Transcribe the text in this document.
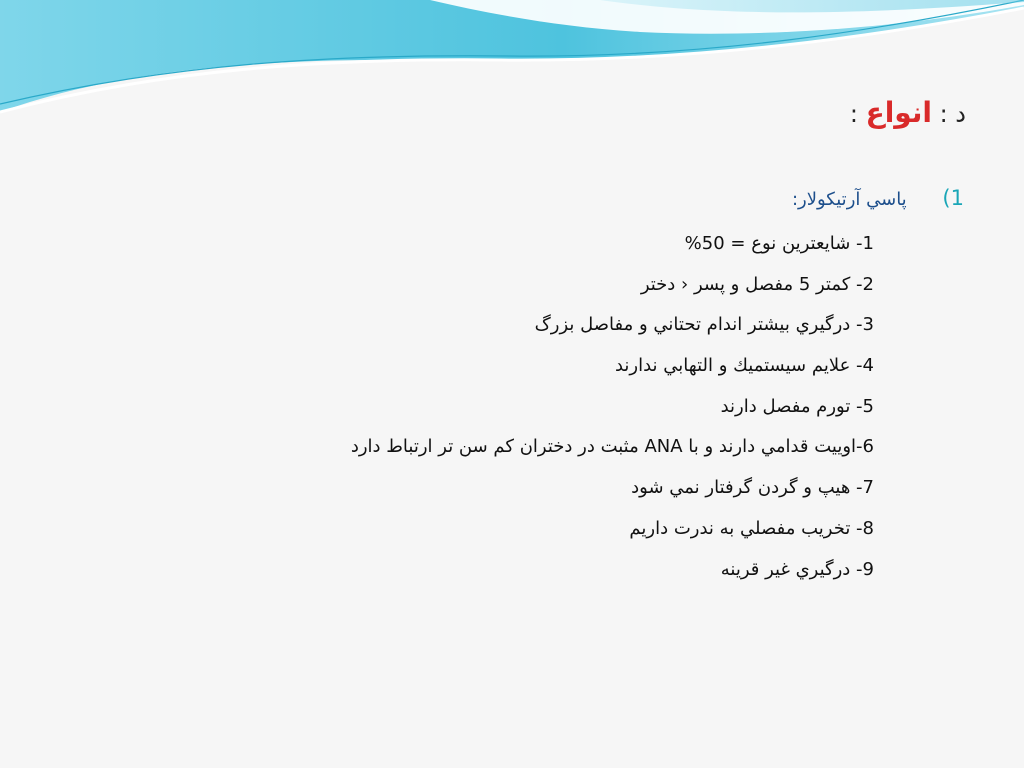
د : انواع :
1) پاسي آرتيكولار:
1- شايعترين نوع = 50%
2- كمتر 5 مفصل و پسر ‹ دختر
3- درگيري بيشتر اندام تحتاني و مفاصل بزرگ
4- علايم سيستميك و التهابي ندارند
5- تورم مفصل دارند
6-اوييت قدامي دارند و با ANA مثبت در دختران كم سن تر ارتباط دارد
7- هيپ و گردن گرفتار نمي شود
8- تخريب مفصلي به ندرت داريم
9- درگيري غير قرينه
